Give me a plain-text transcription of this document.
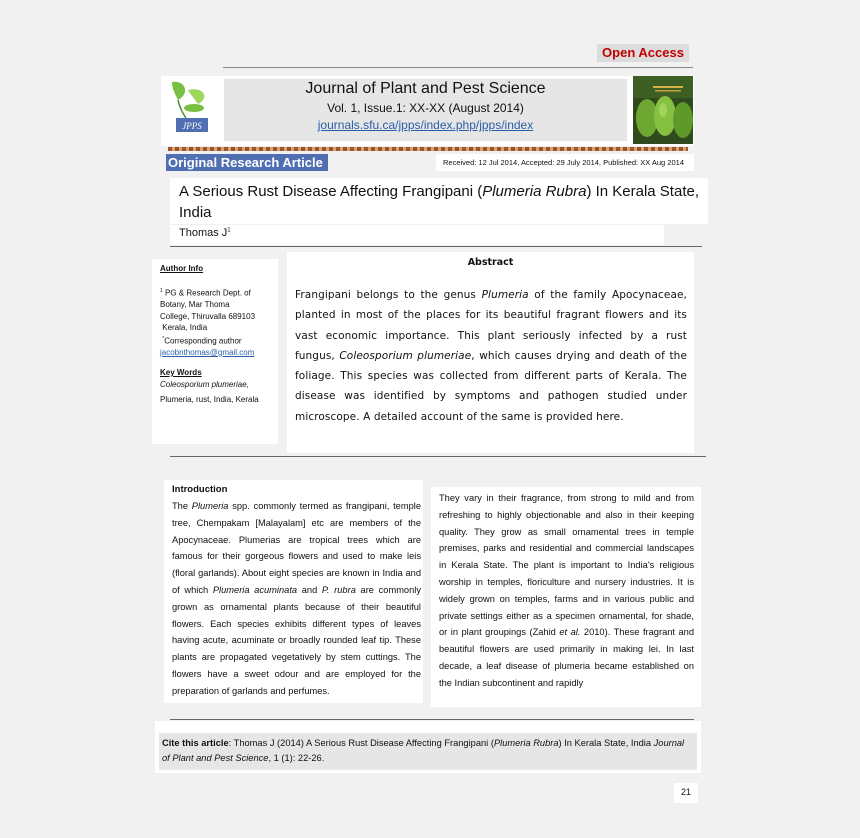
Open Access
Journal of Plant and Pest Science
Vol. 1, Issue.1: XX-XX (August 2014)
journals.sfu.ca/jpps/index.php/jpps/index
JPPS
Original Research Article	Received: 12 Jul 2014, Accepted: 29 July 2014, Published: XX Aug 2014
A Serious Rust Disease Affecting Frangipani (Plumeria Rubra) In Kerala State, India
Thomas $J^1$
Author Info
$^1$ PG & Research Dept. of
Botany, Mar Thoma
College, Thiruvalla 689103
Kerala, India
*Corresponding author
jacobnthomas@gmail.com
Key Words
Coleosporium plumeriae,
Plumeria, rust, India, Kerala
Abstract
Frangipani belongs to the genus Plumeria of the family Apocynaceae, planted in most of the places for its beautiful fragrant flowers and its vast economic importance. This plant seriously infected by a rust fungus, Coleosporium plumeriae, which causes drying and death of the foliage. This species was collected from different parts of Kerala. The disease was identified by symptoms and pathogen studied under microscope. A detailed account of the same is provided here.
Introduction
The Plumeria spp. commonly termed as frangipani, temple tree, Chempakam [Malayalam] etc are members of the Apocynaceae. Plumerias are tropical trees which are famous for their gorgeous flowers and used to make leis (floral garlands). About eight species are known in India and of which Plumeria acuminata and P. rubra are commonly grown as ornamental plants because of their beautiful flowers. Each species exhibits different types of leaves having acute, acuminate or broadly rounded leaf tip. These plants are propagated vegetatively by stem cuttings. The flowers have a sweet odour and are employed for the preparation of garlands and perfumes.
They vary in their fragrance, from strong to mild and from refreshing to highly objectionable and also in their keeping quality. They grow as small ornamental trees in temple premises, parks and residential and commercial landscapes in Kerala State. The plant is important to India's religious worship in temples, floriculture and nursery industries. It is widely grown on temples, farms and in various public and private settings either as a specimen ornamental, for shade, or in plant groupings (Zahid et al. 2010). These fragrant and beautiful flowers are used primarily in making lei. In last decade, a leaf disease of plumeria became established on the Indian subcontinent and rapidly
Cite this article: Thomas J (2014) A Serious Rust Disease Affecting Frangipani (Plumeria Rubra) In Kerala State, India Journal of Plant and Pest Science, 1 (1): 22-26.
21
